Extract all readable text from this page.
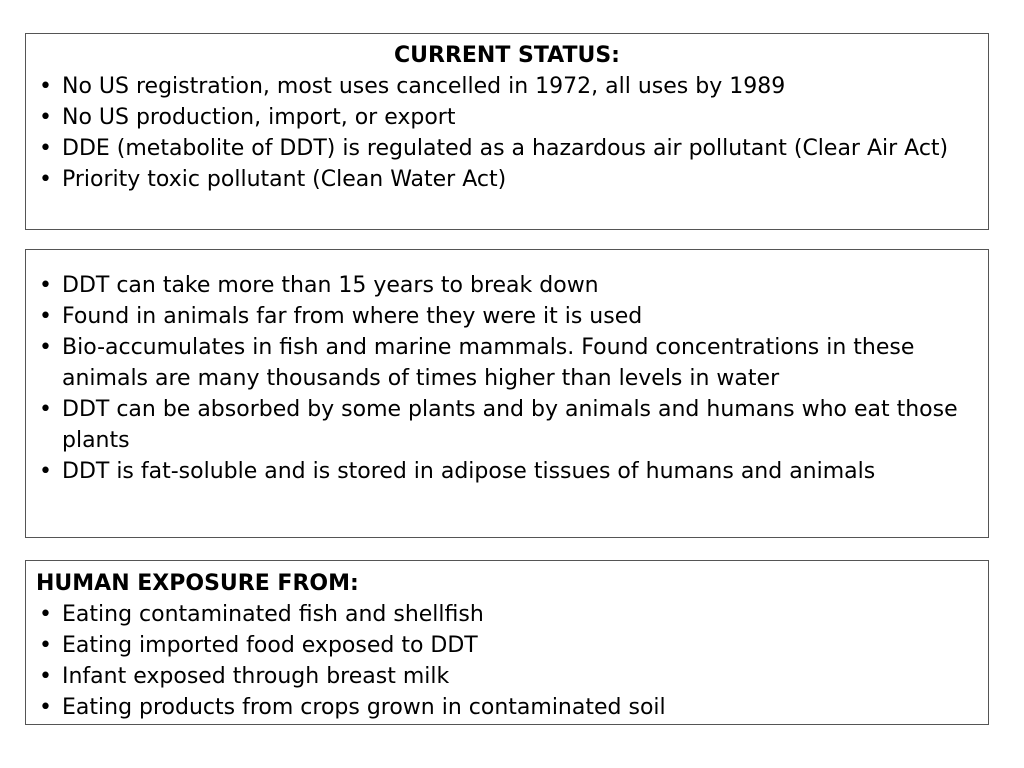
CURRENT STATUS:
• No US registration, most uses cancelled in 1972, all uses by 1989
• No US production, import, or export
• DDE (metabolite of DDT) is regulated as a hazardous air pollutant (Clear Air Act)
• Priority toxic pollutant (Clean Water Act)
• DDT can take more than 15 years to break down
• Found in animals far from where they were it is used
• Bio-accumulates in fish and marine mammals. Found concentrations in these animals are many thousands of times higher than levels in water
• DDT can be absorbed by some plants and by animals and humans who eat those plants
• DDT is fat-soluble and is stored in adipose tissues of humans and animals
HUMAN EXPOSURE FROM:
• Eating contaminated fish and shellfish
• Eating imported food exposed to DDT
• Infant exposed through breast milk
• Eating products from crops grown in contaminated soil
